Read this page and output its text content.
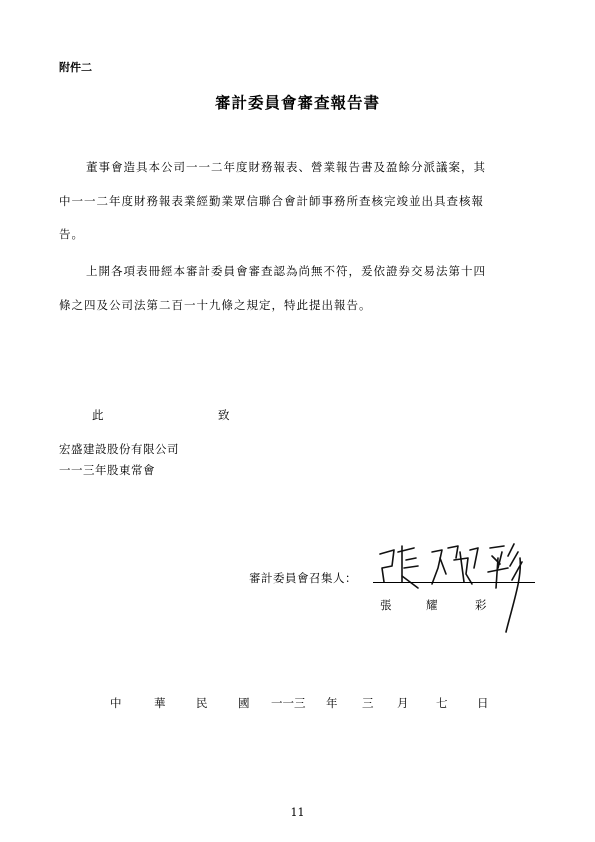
附件二
審計委員會審查報告書
董事會造具本公司一一二年度財務報表、營業報告書及盈餘分派議案，其
中一一二年度財務報表業經勤業眾信聯合會計師事務所查核完竣並出具查核報
告。
上開各項表冊經本審計委員會審查認為尚無不符，爰依證券交易法第十四
條之四及公司法第二百一十九條之規定，特此提出報告。
此	致
宏盛建設股份有限公司
一一三年股東常會
審計委員會召集人：
張	耀	彩
中	華	民	國 一一三 年 三 月 七	日
11
